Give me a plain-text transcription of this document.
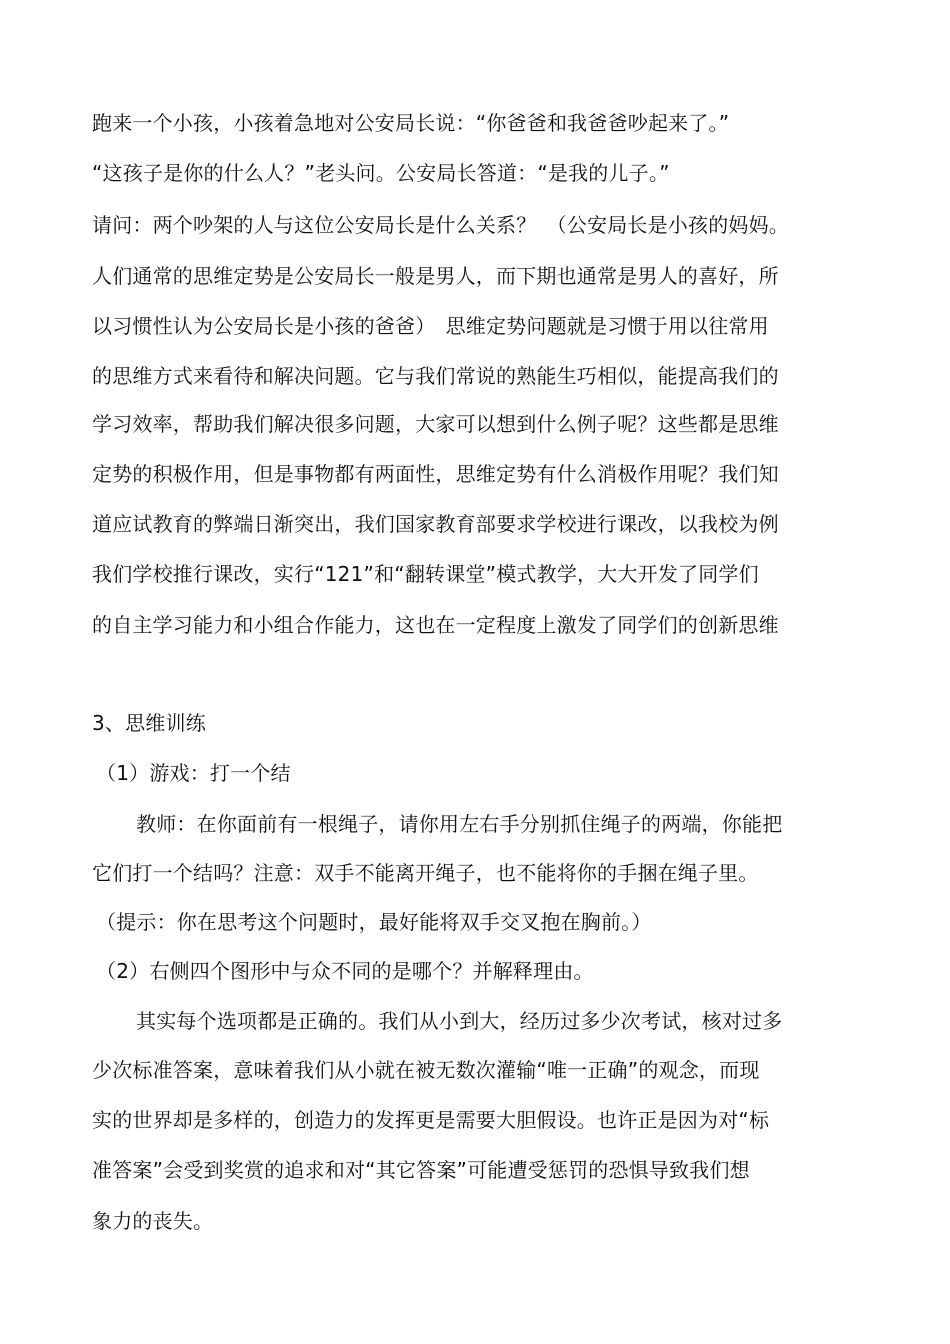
跑来一个小孩，小孩着急地对公安局长说：“你爸爸和我爸爸吵起来了。”
“这孩子是你的什么人？”老头问。公安局长答道：“是我的儿子。”
请问：两个吵架的人与这位公安局长是什么关系？　（公安局长是小孩的妈妈。
人们通常的思维定势是公安局长一般是男人，而下期也通常是男人的喜好，所
以习惯性认为公安局长是小孩的爸爸）　思维定势问题就是习惯于用以往常用
的思维方式来看待和解决问题。它与我们常说的熟能生巧相似，能提高我们的
学习效率，帮助我们解决很多问题，大家可以想到什么例子呢？这些都是思维
定势的积极作用，但是事物都有两面性，思维定势有什么消极作用呢？我们知
道应试教育的弊端日渐突出，我们国家教育部要求学校进行课改，以我校为例
我们学校推行课改，实行“121”和“翻转课堂”模式教学，大大开发了同学们
的自主学习能力和小组合作能力，这也在一定程度上激发了同学们的创新思维
3、思维训练
（1）游戏：打一个结
教师：在你面前有一根绳子，请你用左右手分别抓住绳子的两端，你能把
它们打一个结吗？注意：双手不能离开绳子，也不能将你的手捆在绳子里。
（提示：你在思考这个问题时，最好能将双手交叉抱在胸前。）
（2）右侧四个图形中与众不同的是哪个？并解释理由。
其实每个选项都是正确的。我们从小到大，经历过多少次考试，核对过多
少次标准答案，意味着我们从小就在被无数次灌输“唯一正确”的观念，而现
实的世界却是多样的，创造力的发挥更是需要大胆假设。也许正是因为对“标
准答案”会受到奖赏的追求和对“其它答案”可能遭受惩罚的恐惧导致我们想
象力的丧失。
